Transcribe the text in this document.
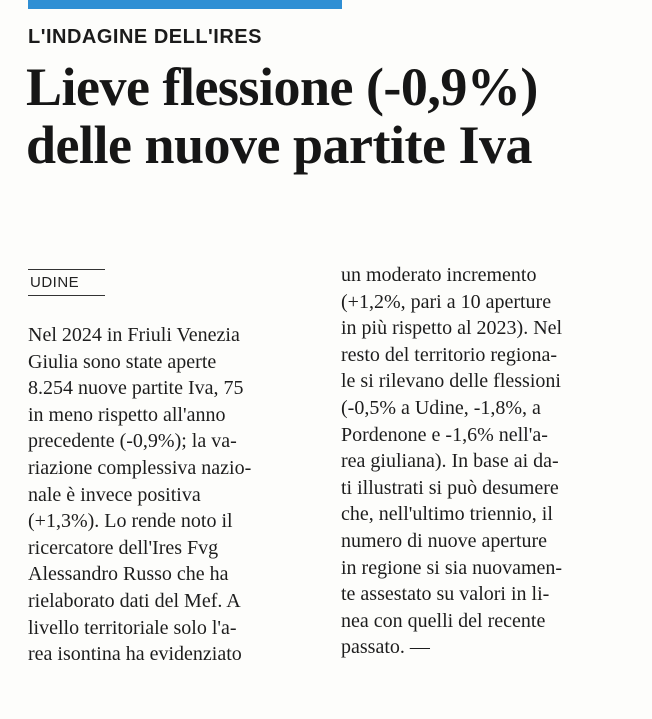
L'INDAGINE DELL'IRES
Lieve flessione (-0,9%)
delle nuove partite Iva
UDINE

Nel 2024 in Friuli Venezia
Giulia sono state aperte
8.254 nuove partite Iva, 75
in meno rispetto all'anno
precedente (-0,9%); la va-
riazione complessiva nazio-
nale è invece positiva
(+1,3%). Lo rende noto il
ricercatore dell'Ires Fvg
Alessandro Russo che ha
rielaborato dati del Mef. A
livello territoriale solo l'a-
rea isontina ha evidenziato

un moderato incremento
(+1,2%, pari a 10 aperture
in più rispetto al 2023). Nel
resto del territorio regiona-
le si rilevano delle flessioni
(-0,5% a Udine, -1,8%, a
Pordenone e -1,6% nell'a-
rea giuliana). In base ai da-
ti illustrati si può desumere
che, nell'ultimo triennio, il
numero di nuove aperture
in regione si sia nuovamen-
te assestato su valori in li-
nea con quelli del recente
passato. —
